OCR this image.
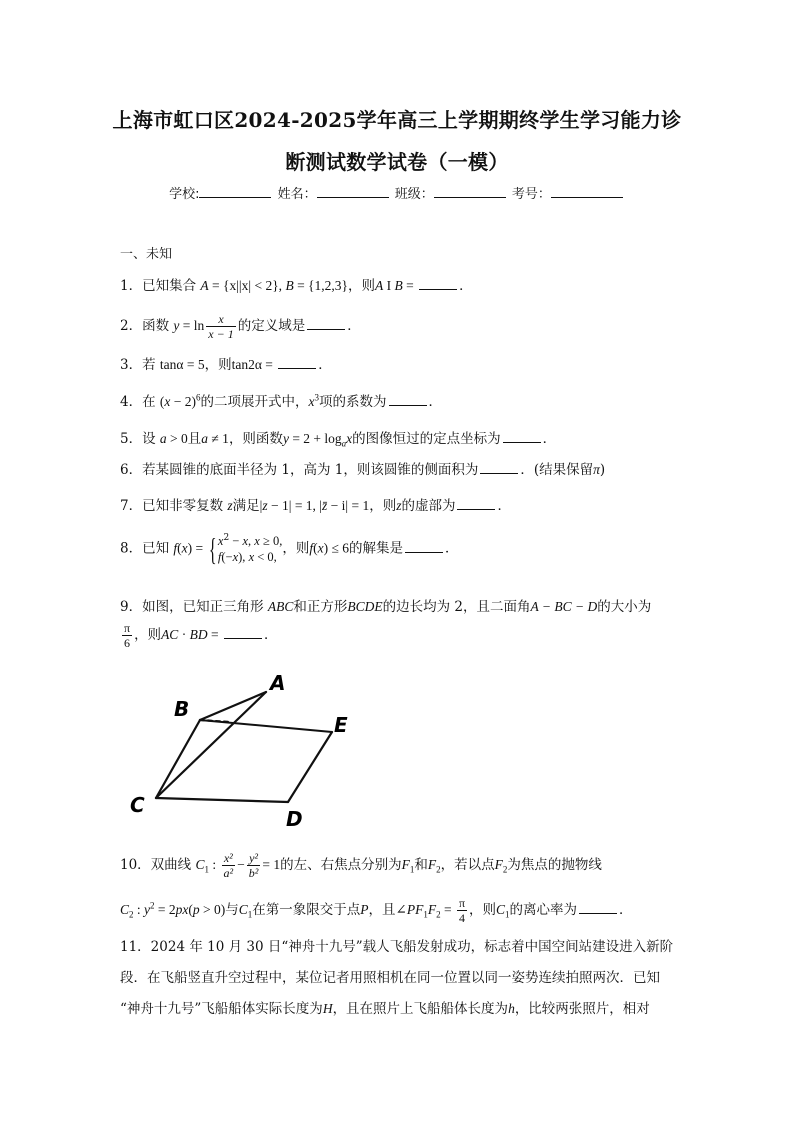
上海市虹口区2024-2025学年高三上学期期终学生学习能力诊
断测试数学试卷（一模）
学校:	姓名：	班级：	考号：
一、未知
1．已知集合 A = {x||x| < 2}, B = {1,2,3}，则A I B =	．
2．函数 $y = \ln \frac{x}{x - 1}$ 的定义域是	．
3．若 tanα = 5，则tan2α =	．
4．在 $(x - 2)^6$的二项展开式中，$x^3$项的系数为	．
5．设 a > 0且a ≠ 1，则函数$y = 2 + \log_ax$的图像恒过的定点坐标为	．
6．若某圆锥的底面半径为 1，高为 1，则该圆锥的侧面积为	．(结果保留π)
7．已知非零复数 z满足|z − 1| = 1, |z̄ − i| = 1，则z的虚部为	．
8．已知 f(x) = { $x^2 - x$, x ≥ 0,
f(−x), x < 0,，则f(x) ≤ 6的解集是	．
9．如图，已知正三角形 ABC和正方形BCDE的边长均为 2，且二面角A − BC − D的大小为
$\frac{\pi}{6}$ ，则AC · BD =	．
A
B
C
D
E
10．双曲线 $C_1$ : $\frac{\text{x²}}{\text{a²}} - \frac{\text{y²}}{\text{b²}} = 1$的左、右焦点分别为$F_1$和$F_2$，若以点$F_2$为焦点的抛物线
$C_2$ : $y^2 = 2px(p > 0)$与$C_1$在第一象限交于点P，且$\angle PF_1F_2 = \frac{\pi}{4}$ ，则$C_1$的离心率为	．
11．2024 年 10 月 30 日“神舟十九号”载人飞船发射成功，标志着中国空间站建设进入新阶
段．在飞船竖直升空过程中，某位记者用照相机在同一位置以同一姿势连续拍照两次．已知
“神舟十九号”飞船船体实际长度为H，且在照片上飞船船体长度为h，比较两张照片，相对
